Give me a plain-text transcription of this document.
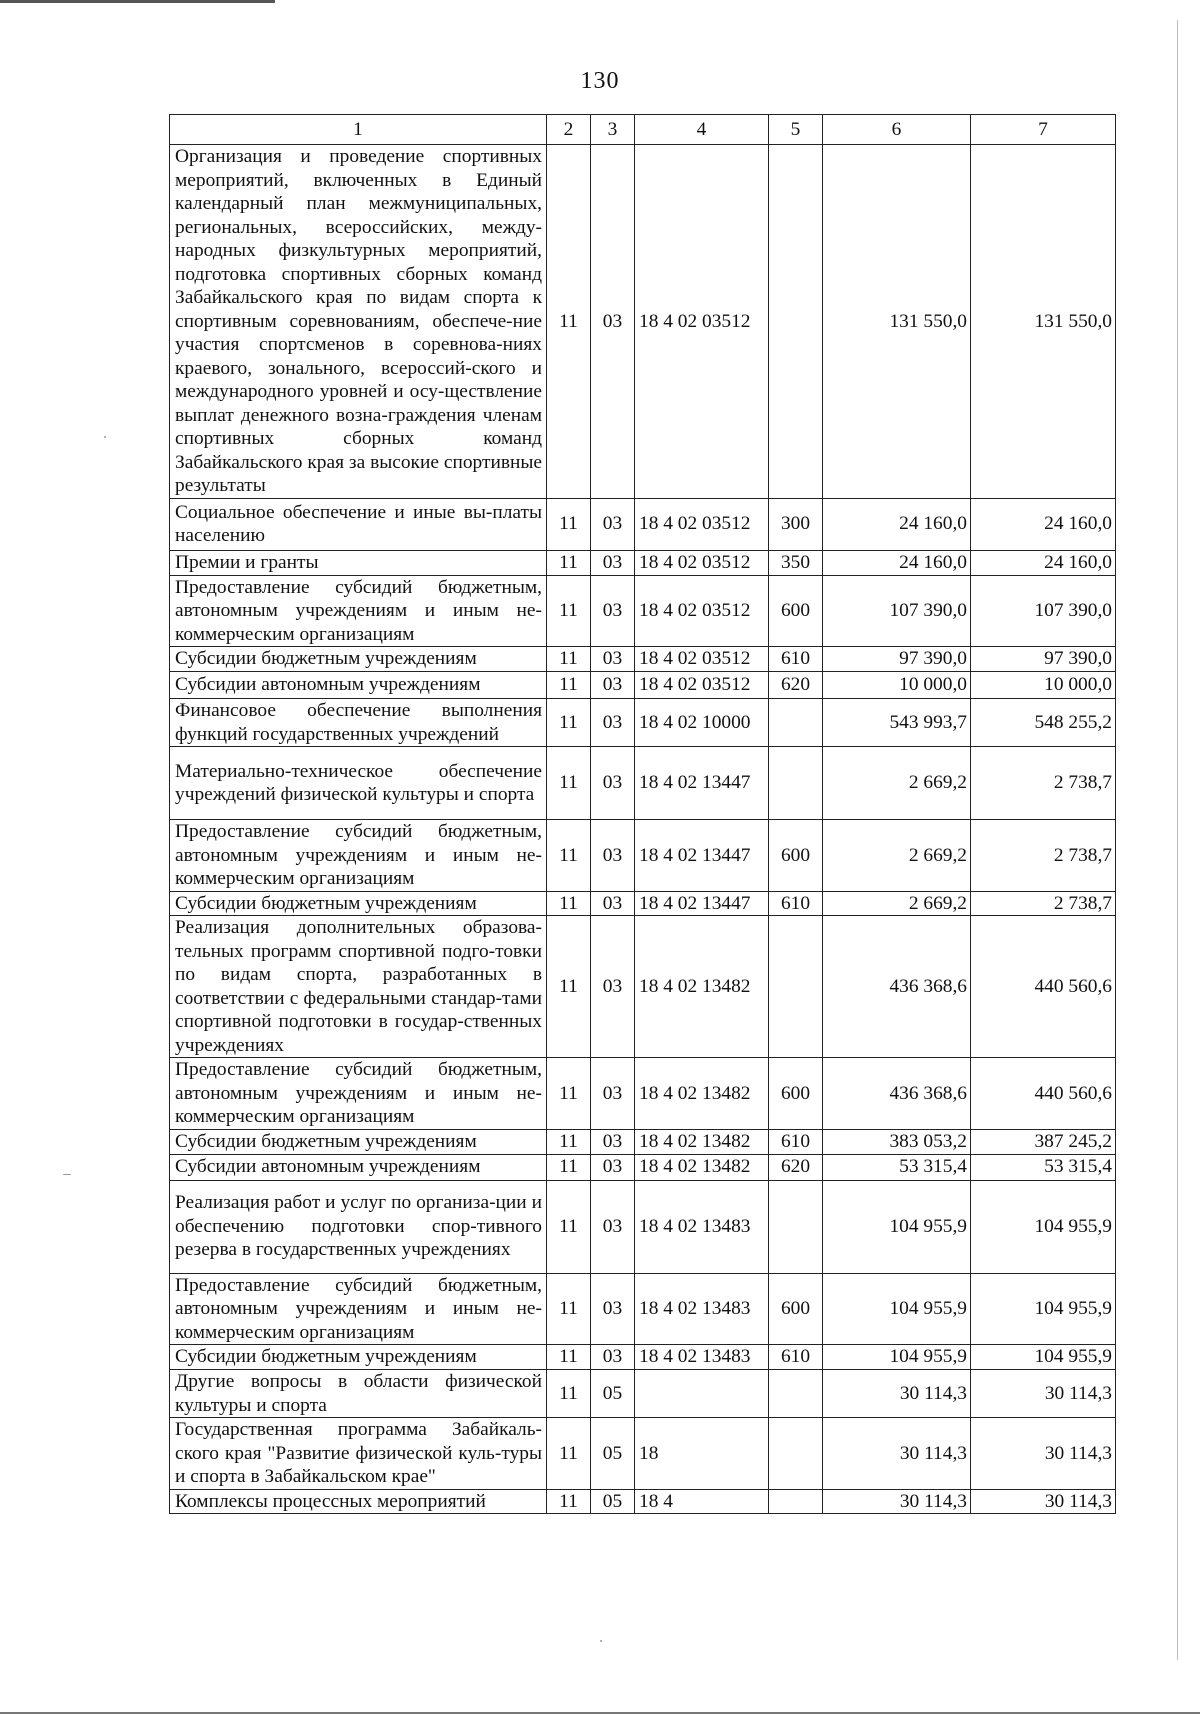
130
1	2	3	4	5	6	7
Организация и проведение спортивных мероприятий, включенных в Единый календарный план межмуниципальных, региональных, всероссийских, между-народных физкультурных мероприятий, подготовка спортивных сборных команд Забайкальского края по видам спорта к спортивным соревнованиям, обеспече-ние участия спортсменов в соревнова-ниях краевого, зонального, всероссий-ского и международного уровней и осу-ществление выплат денежного возна-граждения членам спортивных сборных команд Забайкальского края за высокие спортивные результаты	11	03	18 4 02 03512		131 550,0	131 550,0
Социальное обеспечение и иные вы-платы населению	11	03	18 4 02 03512	300	24 160,0	24 160,0
Премии и гранты	11	03	18 4 02 03512	350	24 160,0	24 160,0
Предоставление субсидий бюджетным, автономным учреждениям и иным не-коммерческим организациям	11	03	18 4 02 03512	600	107 390,0	107 390,0
Субсидии бюджетным учреждениям	11	03	18 4 02 03512	610	97 390,0	97 390,0
Субсидии автономным учреждениям	11	03	18 4 02 03512	620	10 000,0	10 000,0
Финансовое обеспечение выполнения функций государственных учреждений	11	03	18 4 02 10000		543 993,7	548 255,2
Материально-техническое обеспечение учреждений физической культуры и спорта	11	03	18 4 02 13447		2 669,2	2 738,7
Предоставление субсидий бюджетным, автономным учреждениям и иным не-коммерческим организациям	11	03	18 4 02 13447	600	2 669,2	2 738,7
Субсидии бюджетным учреждениям	11	03	18 4 02 13447	610	2 669,2	2 738,7
Реализация дополнительных образова-тельных программ спортивной подго-товки по видам спорта, разработанных в соответствии с федеральными стандар-тами спортивной подготовки в государ-ственных учреждениях	11	03	18 4 02 13482		436 368,6	440 560,6
Предоставление субсидий бюджетным, автономным учреждениям и иным не-коммерческим организациям	11	03	18 4 02 13482	600	436 368,6	440 560,6
Субсидии бюджетным учреждениям	11	03	18 4 02 13482	610	383 053,2	387 245,2
Субсидии автономным учреждениям	11	03	18 4 02 13482	620	53 315,4	53 315,4
Реализация работ и услуг по организа-ции и обеспечению подготовки спор-тивного резерва в государственных учреждениях	11	03	18 4 02 13483		104 955,9	104 955,9
Предоставление субсидий бюджетным, автономным учреждениям и иным не-коммерческим организациям	11	03	18 4 02 13483	600	104 955,9	104 955,9
Субсидии бюджетным учреждениям	11	03	18 4 02 13483	610	104 955,9	104 955,9
Другие вопросы в области физической культуры и спорта	11	05			30 114,3	30 114,3
Государственная программа Забайкаль-ского края "Развитие физической куль-туры и спорта в Забайкальском крае"	11	05	18		30 114,3	30 114,3
Комплексы процессных мероприятий	11	05	18 4		30 114,3	30 114,3
